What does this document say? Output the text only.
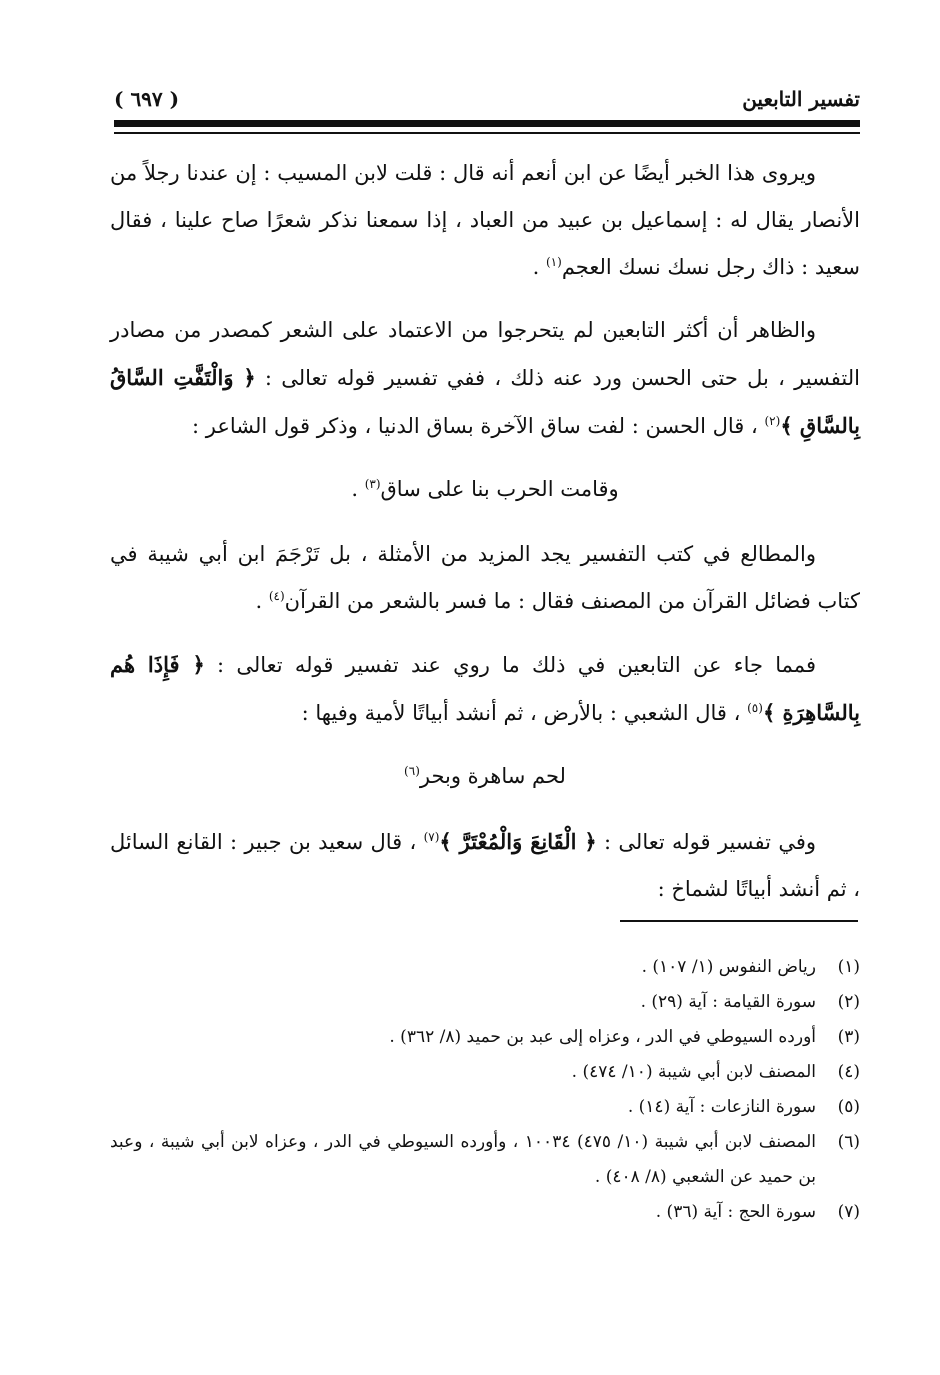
تفسير التابعين
( ٦٩٧ )

ويروى هذا الخبر أيضًا عن ابن أنعم أنه قال : قلت لابن المسيب : إن عندنا رجلاً من الأنصار يقال له : إسماعيل بن عبيد من العباد ، إذا سمعنا نذكر شعرًا صاح علينا ، فقال سعيد : ذاك رجل نسك نسك العجم$^{(١)}$ .

والظاهر أن أكثر التابعين لم يتحرجوا من الاعتماد على الشعر كمصدر من مصادر التفسير ، بل حتى الحسن ورد عنه ذلك ، ففي تفسير قوله تعالى : ﴿ وَالْتَفَّتِ السَّاقُ بِالسَّاقِ ﴾$^{(٢)}$ ، قال الحسن : لفت ساق الآخرة بساق الدنيا ، وذكر قول الشاعر :

وقامت الحرب بنا على ساق$^{(٣)}$ .

والمطالع في كتب التفسير يجد المزيد من الأمثلة ، بل تَرْجَمَ ابن أبي شيبة في كتاب فضائل القرآن من المصنف فقال : ما فسر بالشعر من القرآن$^{(٤)}$ .

فمما جاء عن التابعين في ذلك ما روي عند تفسير قوله تعالى : ﴿ فَإِذَا هُم بِالسَّاهِرَةِ ﴾$^{(٥)}$ ، قال الشعبي : بالأرض ، ثم أنشد أبياتًا لأمية وفيها :

لحم ساهرة وبحر$^{(٦)}$

وفي تفسير قوله تعالى : ﴿ الْقَانِعَ وَالْمُعْتَرَّ ﴾$^{(٧)}$ ، قال سعيد بن جبير : القانع السائل ، ثم أنشد أبياتًا لشماخ :

(١)
رياض النفوس (١/ ١٠٧) .
(٢)
سورة القيامة : آية (٢٩) .
(٣)
أورده السيوطي في الدر ، وعزاه إلى عبد بن حميد (٨/ ٣٦٢) .
(٤)
المصنف لابن أبي شيبة (١٠/ ٤٧٤) .
(٥)
سورة النازعات : آية (١٤) .
(٦)
المصنف لابن أبي شيبة (١٠/ ٤٧٥) ١٠٠٣٤ ، وأورده السيوطي في الدر ، وعزاه لابن أبي شيبة ، وعبد بن حميد عن الشعبي (٨/ ٤٠٨) .
(٧)
سورة الحج : آية (٣٦) .
